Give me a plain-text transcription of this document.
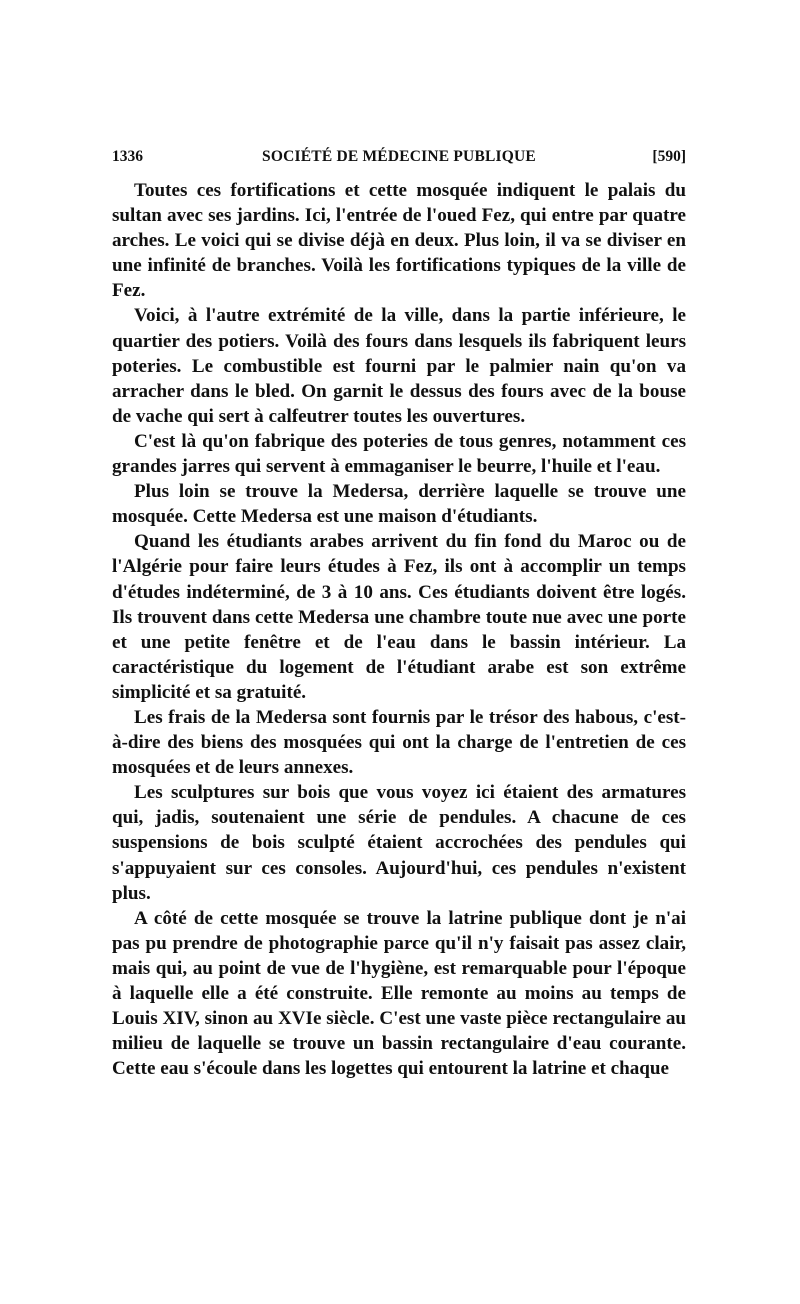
1336	SOCIÉTÉ DE MÉDECINE PUBLIQUE	[590]

Toutes ces fortifications et cette mosquée indiquent le palais du sultan avec ses jardins. Ici, l'entrée de l'oued Fez, qui entre par quatre arches. Le voici qui se divise déjà en deux. Plus loin, il va se diviser en une infinité de branches. Voilà les fortifications typiques de la ville de Fez.

Voici, à l'autre extrémité de la ville, dans la partie inférieure, le quartier des potiers. Voilà des fours dans lesquels ils fabriquent leurs poteries. Le combustible est fourni par le palmier nain qu'on va arracher dans le bled. On garnit le dessus des fours avec de la bouse de vache qui sert à calfeutrer toutes les ouvertures.

C'est là qu'on fabrique des poteries de tous genres, notamment ces grandes jarres qui servent à emmaganiser le beurre, l'huile et l'eau.

Plus loin se trouve la Medersa, derrière laquelle se trouve une mosquée. Cette Medersa est une maison d'étudiants.

Quand les étudiants arabes arrivent du fin fond du Maroc ou de l'Algérie pour faire leurs études à Fez, ils ont à accomplir un temps d'études indéterminé, de 3 à 10 ans. Ces étudiants doivent être logés. Ils trouvent dans cette Medersa une chambre toute nue avec une porte et une petite fenêtre et de l'eau dans le bassin intérieur. La caractéristique du logement de l'étudiant arabe est son extrême simplicité et sa gratuité.

Les frais de la Medersa sont fournis par le trésor des habous, c'est-à-dire des biens des mosquées qui ont la charge de l'entretien de ces mosquées et de leurs annexes.

Les sculptures sur bois que vous voyez ici étaient des armatures qui, jadis, soutenaient une série de pendules. A chacune de ces suspensions de bois sculpté étaient accrochées des pendules qui s'appuyaient sur ces consoles. Aujourd'hui, ces pendules n'existent plus.

A côté de cette mosquée se trouve la latrine publique dont je n'ai pas pu prendre de photographie parce qu'il n'y faisait pas assez clair, mais qui, au point de vue de l'hygiène, est remarquable pour l'époque à laquelle elle a été construite. Elle remonte au moins au temps de Louis XIV, sinon au XVIe siècle. C'est une vaste pièce rectangulaire au milieu de laquelle se trouve un bassin rectangulaire d'eau courante. Cette eau s'écoule dans les logettes qui entourent la latrine et chaque
